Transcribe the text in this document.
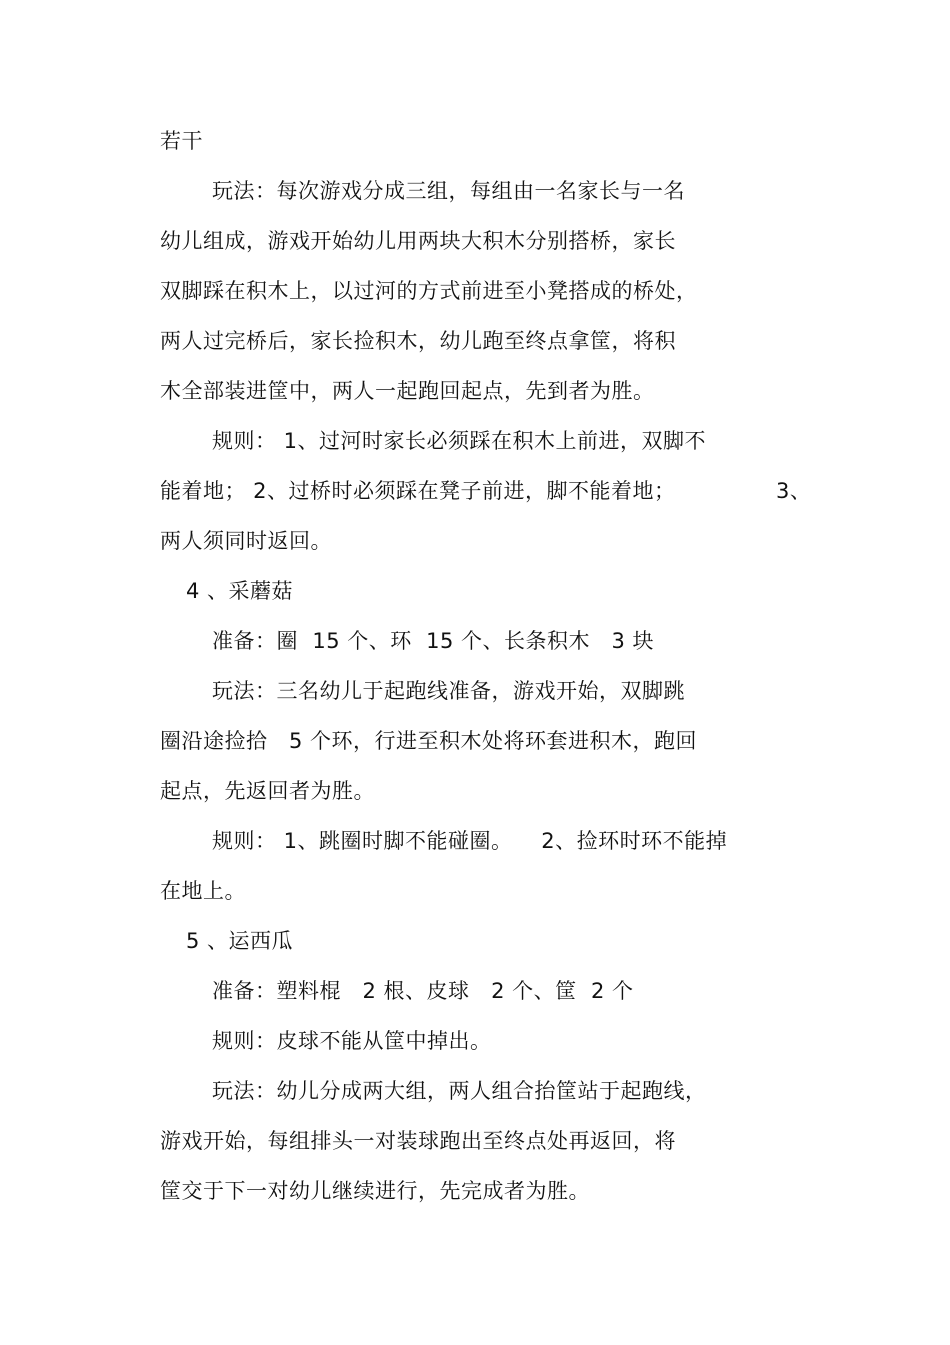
若干
玩法：每次游戏分成三组，每组由一名家长与一名
幼儿组成，游戏开始幼儿用两块大积木分别搭桥，家长
双脚踩在积木上，以过河的方式前进至小凳搭成的桥处，
两人过完桥后，家长捡积木，幼儿跑至终点拿筐，将积
木全部装进筐中，两人一起跑回起点，先到者为胜。
规则： 1、过河时家长必须踩在积木上前进，双脚不
能着地； 2、过桥时必须踩在凳子前进，脚不能着地；	3、
两人须同时返回。
4 、采蘑菇
准备：圈  15 个、环  15 个、长条积木   3 块
玩法：三名幼儿于起跑线准备，游戏开始，双脚跳
圈沿途捡拾   5 个环，行进至积木处将环套进积木，跑回
起点，先返回者为胜。
规则： 1、跳圈时脚不能碰圈。    2、捡环时环不能掉
在地上。
5 、运西瓜
准备：塑料棍   2 根、皮球   2 个、筐  2 个
规则：皮球不能从筐中掉出。
玩法：幼儿分成两大组，两人组合抬筐站于起跑线，
游戏开始，每组排头一对装球跑出至终点处再返回，将
筐交于下一对幼儿继续进行，先完成者为胜。
